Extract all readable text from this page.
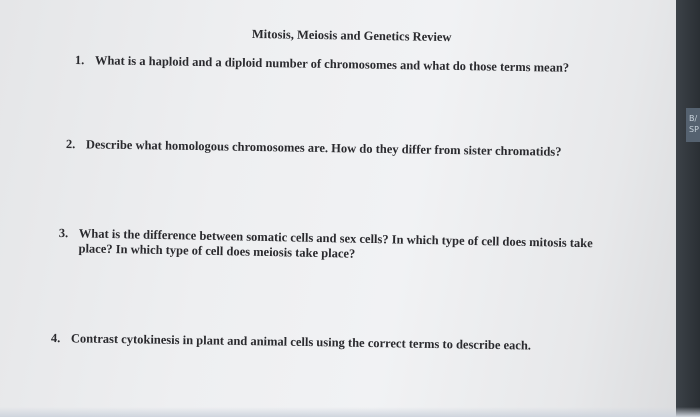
B/
SP
Mitosis, Meiosis and Genetics Review
1. What is a haploid and a diploid number of chromosomes and what do those terms mean?
2. Describe what homologous chromosomes are. How do they differ from sister chromatids?
3. What is the difference between somatic cells and sex cells? In which type of cell does mitosis take place? In which type of cell does meiosis take place?
4. Contrast cytokinesis in plant and animal cells using the correct terms to describe each.
